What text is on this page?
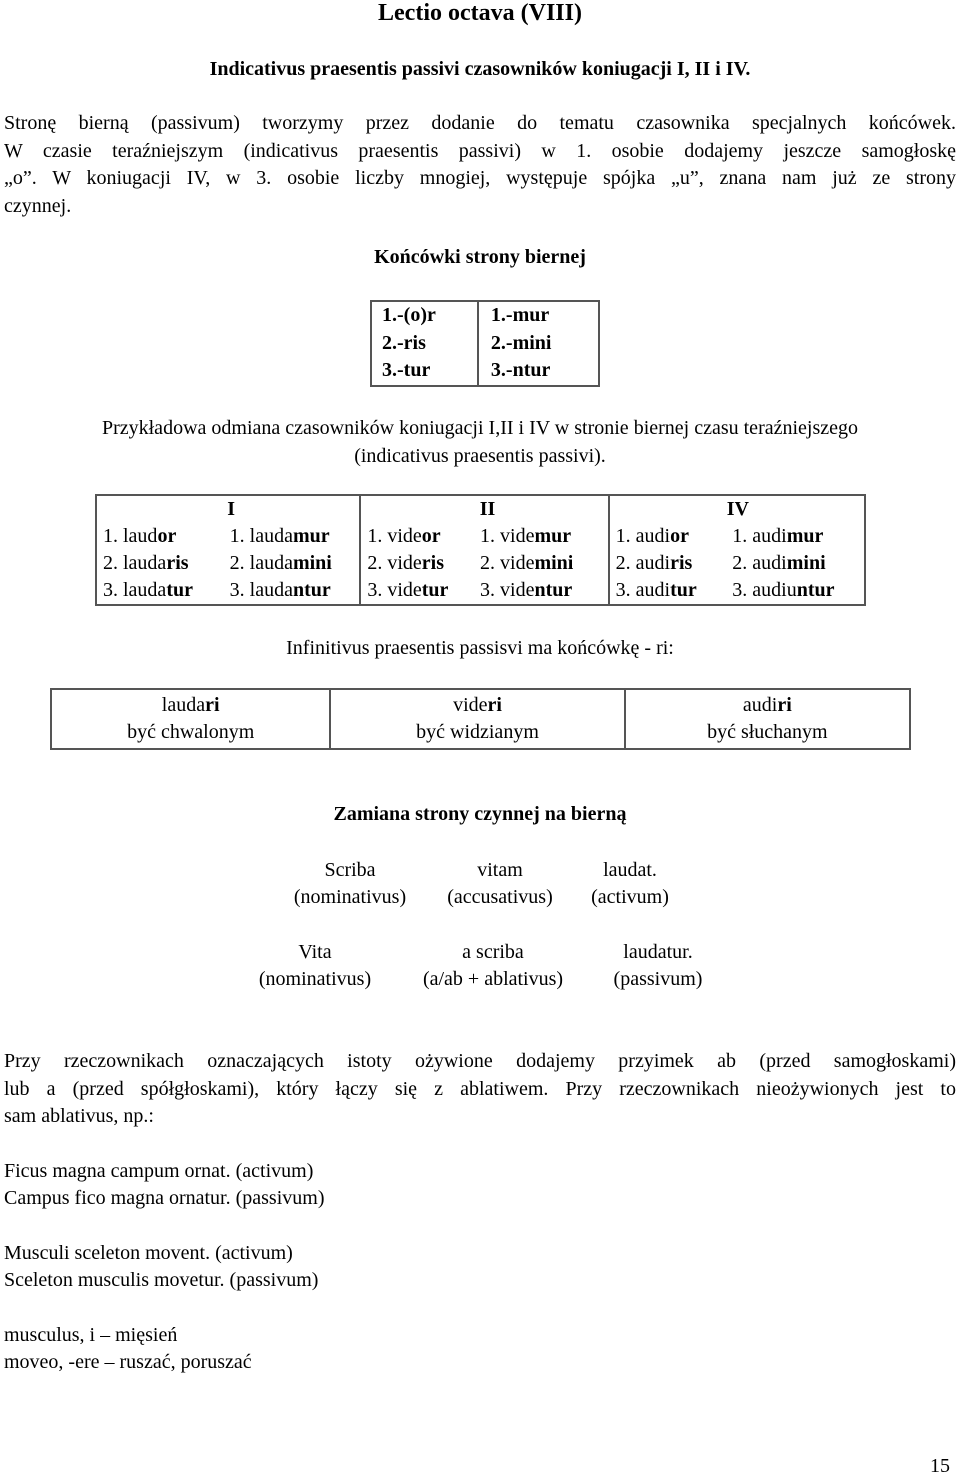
Lectio octava (VIII)
Indicativus praesentis passivi czasowników koniugacji I, II i IV.
Stronę bierną (passivum) tworzymy przez dodanie do tematu czasownika specjalnych końcówek.
W czasie teraźniejszym (indicativus praesentis passivi) w 1. osobie dodajemy jeszcze samogłoskę
„o”. W koniugacji IV, w 3. osobie liczby mnogiej, występuje spójka „u”, znana nam już ze strony
czynnej.
Końcówki strony biernej
1.-(o)r	1.-mur
2.-ris	2.-mini
3.-tur	3.-ntur
Przykładowa odmiana czasowników koniugacji I,II i IV w stronie biernej czasu teraźniejszego
(indicativus praesentis passivi).
I		II		IV	
1. laudor	1. laudamur	1. videor	1. videmur	1. audior	1. audimur
2. laudaris	2. laudamini	2. videris	2. videmini	2. audiris	2. audimini
3. laudatur	3. laudantur	3. videtur	3. videntur	3. auditur	3. audiuntur
Infinitivus praesentis passisvi ma końcówkę - ri:
laudari
być chwalonym

videri
być widzianym

audiri
być słuchanym
Zamiana strony czynnej na bierną
Scriba	vitam	laudat.
(nominativus)	(accusativus)	(activum)
Vita	a scriba	laudatur.
(nominativus)	(a/ab + ablativus)	(passivum)
Przy rzeczownikach oznaczających istoty ożywione dodajemy przyimek ab (przed samogłoskami)
lub a (przed spółgłoskami), który łączy się z ablatiwem. Przy rzeczownikach nieożywionych jest to
sam ablativus, np.:
Ficus magna campum ornat. (activum)
Campus fico magna ornatur. (passivum)
Musculi sceleton movent. (activum)
Sceleton musculis movetur. (passivum)
musculus, i – mięsień
moveo, -ere – ruszać, poruszać
15
